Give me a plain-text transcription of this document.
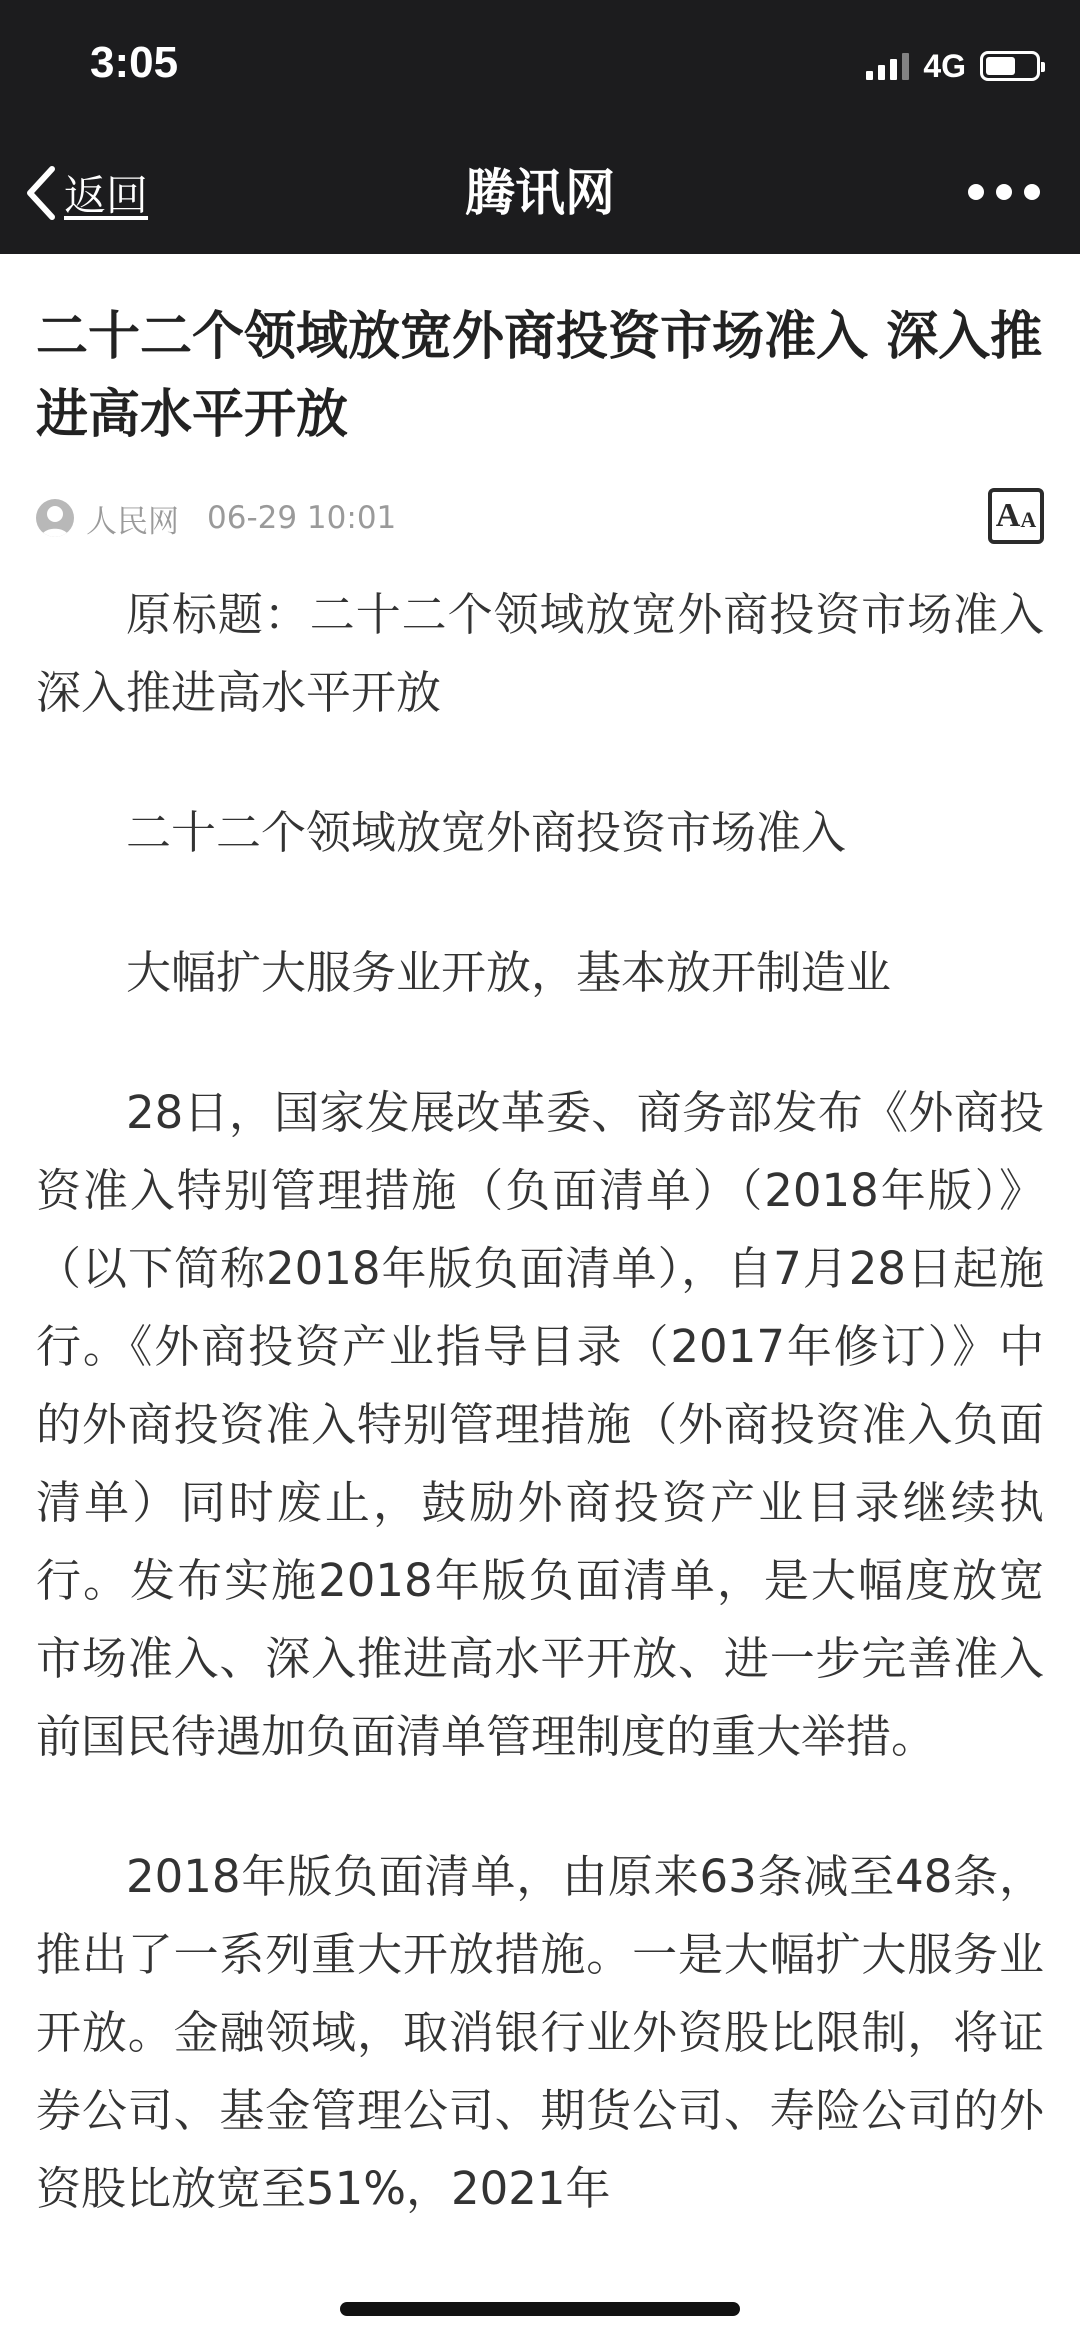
3:05	4G
返回	腾讯网
二十二个领域放宽外商投资市场准入 深入推进高水平开放
人民网 06-29 10:01	A A

原标题：二十二个领域放宽外商投资市场准入 深入推进高水平开放

二十二个领域放宽外商投资市场准入

大幅扩大服务业开放，基本放开制造业

28日，国家发展改革委、商务部发布《外商投资准入特别管理措施（负面清单）（2018年版）》（以下简称2018年版负面清单），自7月28日起施行。《外商投资产业指导目录（2017年修订）》中的外商投资准入特别管理措施（外商投资准入负面清单）同时废止，鼓励外商投资产业目录继续执行。发布实施2018年版负面清单，是大幅度放宽市场准入、深入推进高水平开放、进一步完善准入前国民待遇加负面清单管理制度的重大举措。

2018年版负面清单，由原来63条减至48条，推出了一系列重大开放措施。一是大幅扩大服务业开放。金融领域，取消银行业外资股比限制，将证券公司、基金管理公司、期货公司、寿险公司的外资股比放宽至51%，2021年
